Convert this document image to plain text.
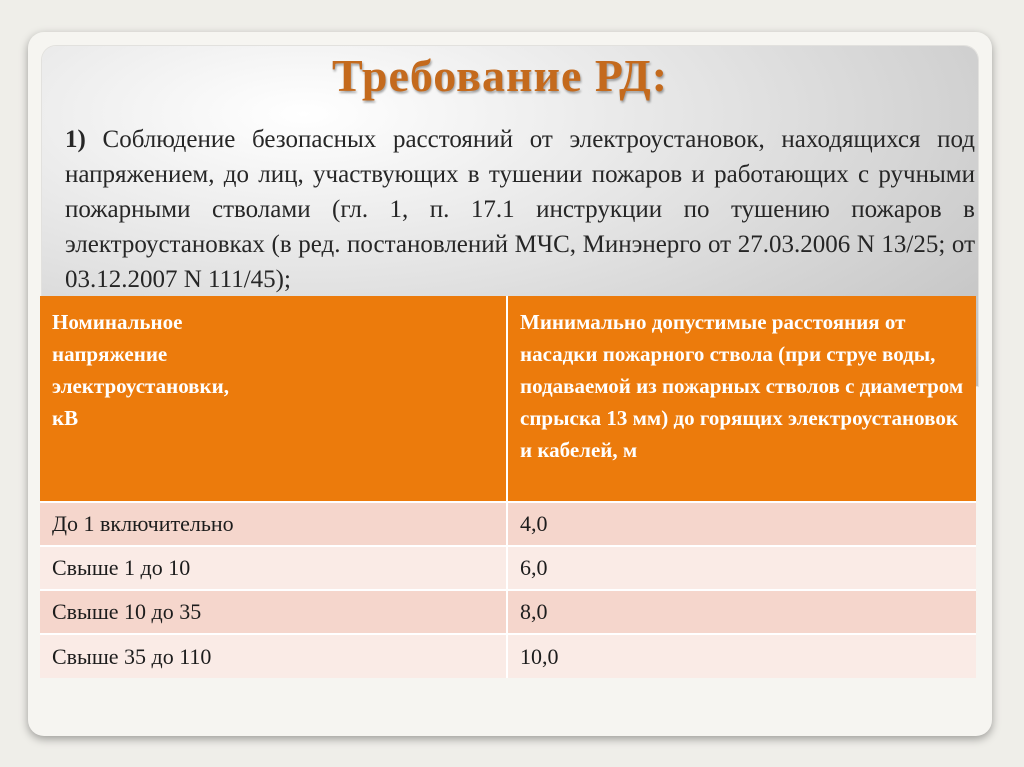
Требование РД:

1) Соблюдение безопасных расстояний от электроустановок, находящихся под напряжением, до лиц, участвующих в тушении пожаров и работающих с ручными пожарными стволами (гл. 1, п. 17.1 инструкции по тушению пожаров в электроустановках (в ред. постановлений МЧС, Минэнерго от 27.03.2006 N 13/25; от 03.12.2007 N 111/45);

Номинальное
напряжение
электроустановки,
кВ	Минимально допустимые расстояния от насадки пожарного ствола (при струе воды, подаваемой из пожарных стволов с диаметром спрыска 13 мм) до горящих электроустановок и кабелей, м
До 1 включительно	4,0
Свыше 1 до 10	6,0
Свыше 10 до 35	8,0
Свыше 35 до 110	10,0
